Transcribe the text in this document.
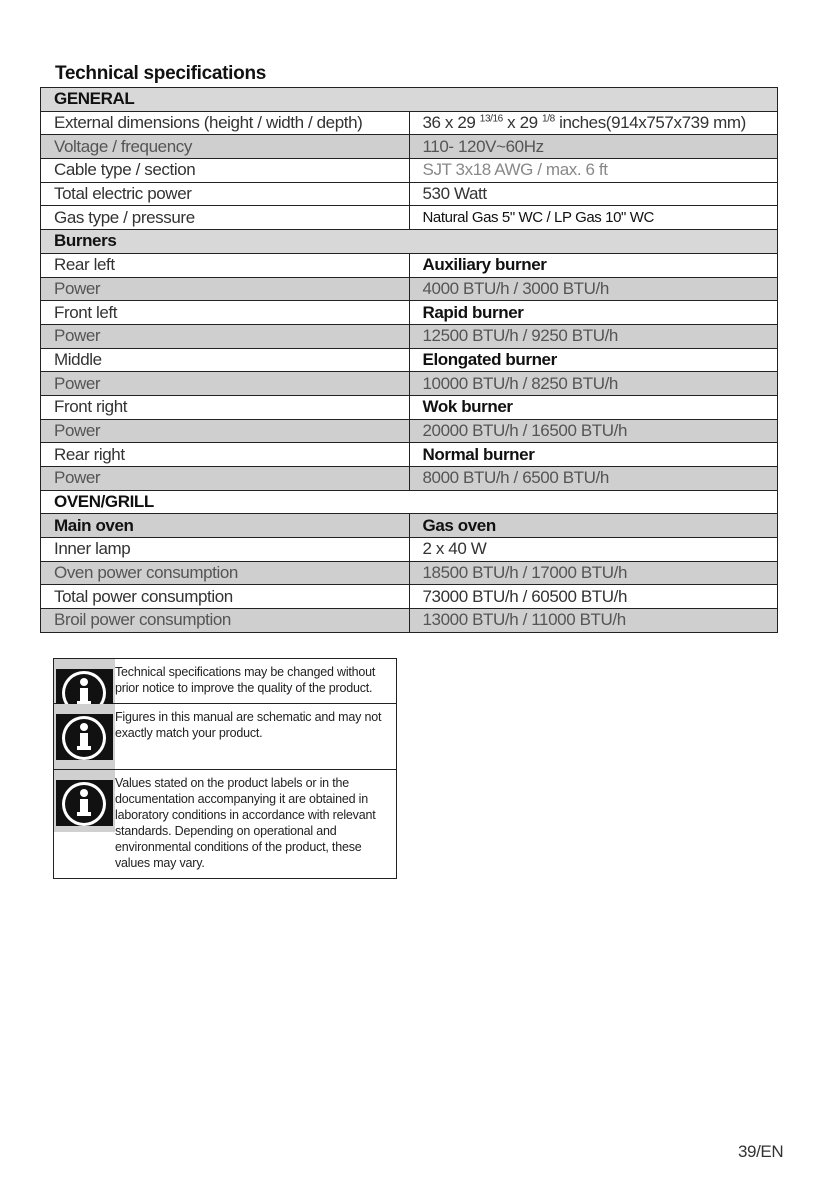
Technical specifications
GENERAL	
External dimensions (height / width / depth)	36 x 29 $^{13/16}$ x 29 $^{1/8}$ inches(914x757x739 mm)
Voltage / frequency	110- 120V~60Hz
Cable type / section	SJT 3x18 AWG / max. 6 ft
Total electric power	530 Watt
Gas type / pressure	Natural Gas 5" WC / LP Gas 10" WC
Burners	
Rear left	Auxiliary burner
Power	4000 BTU/h / 3000 BTU/h
Front left	Rapid burner
Power	12500 BTU/h / 9250 BTU/h
Middle	Elongated burner
Power	10000 BTU/h / 8250 BTU/h
Front right	Wok burner
Power	20000 BTU/h / 16500 BTU/h
Rear right	Normal burner
Power	8000 BTU/h / 6500 BTU/h
OVEN/GRILL	
Main oven	Gas oven
Inner lamp	2 x 40 W
Oven power consumption	18500 BTU/h / 17000 BTU/h
Total power consumption	73000 BTU/h / 60500 BTU/h
Broil power consumption	13000 BTU/h / 11000 BTU/h
Technical specifications may be changed without prior notice to improve the quality of the product.
Figures in this manual are schematic and may not exactly match your product.
Values stated on the product labels or in the documentation accompanying it are obtained in laboratory conditions in accordance with relevant standards. Depending on operational and environmental conditions of the product, these values may vary.
39/EN
